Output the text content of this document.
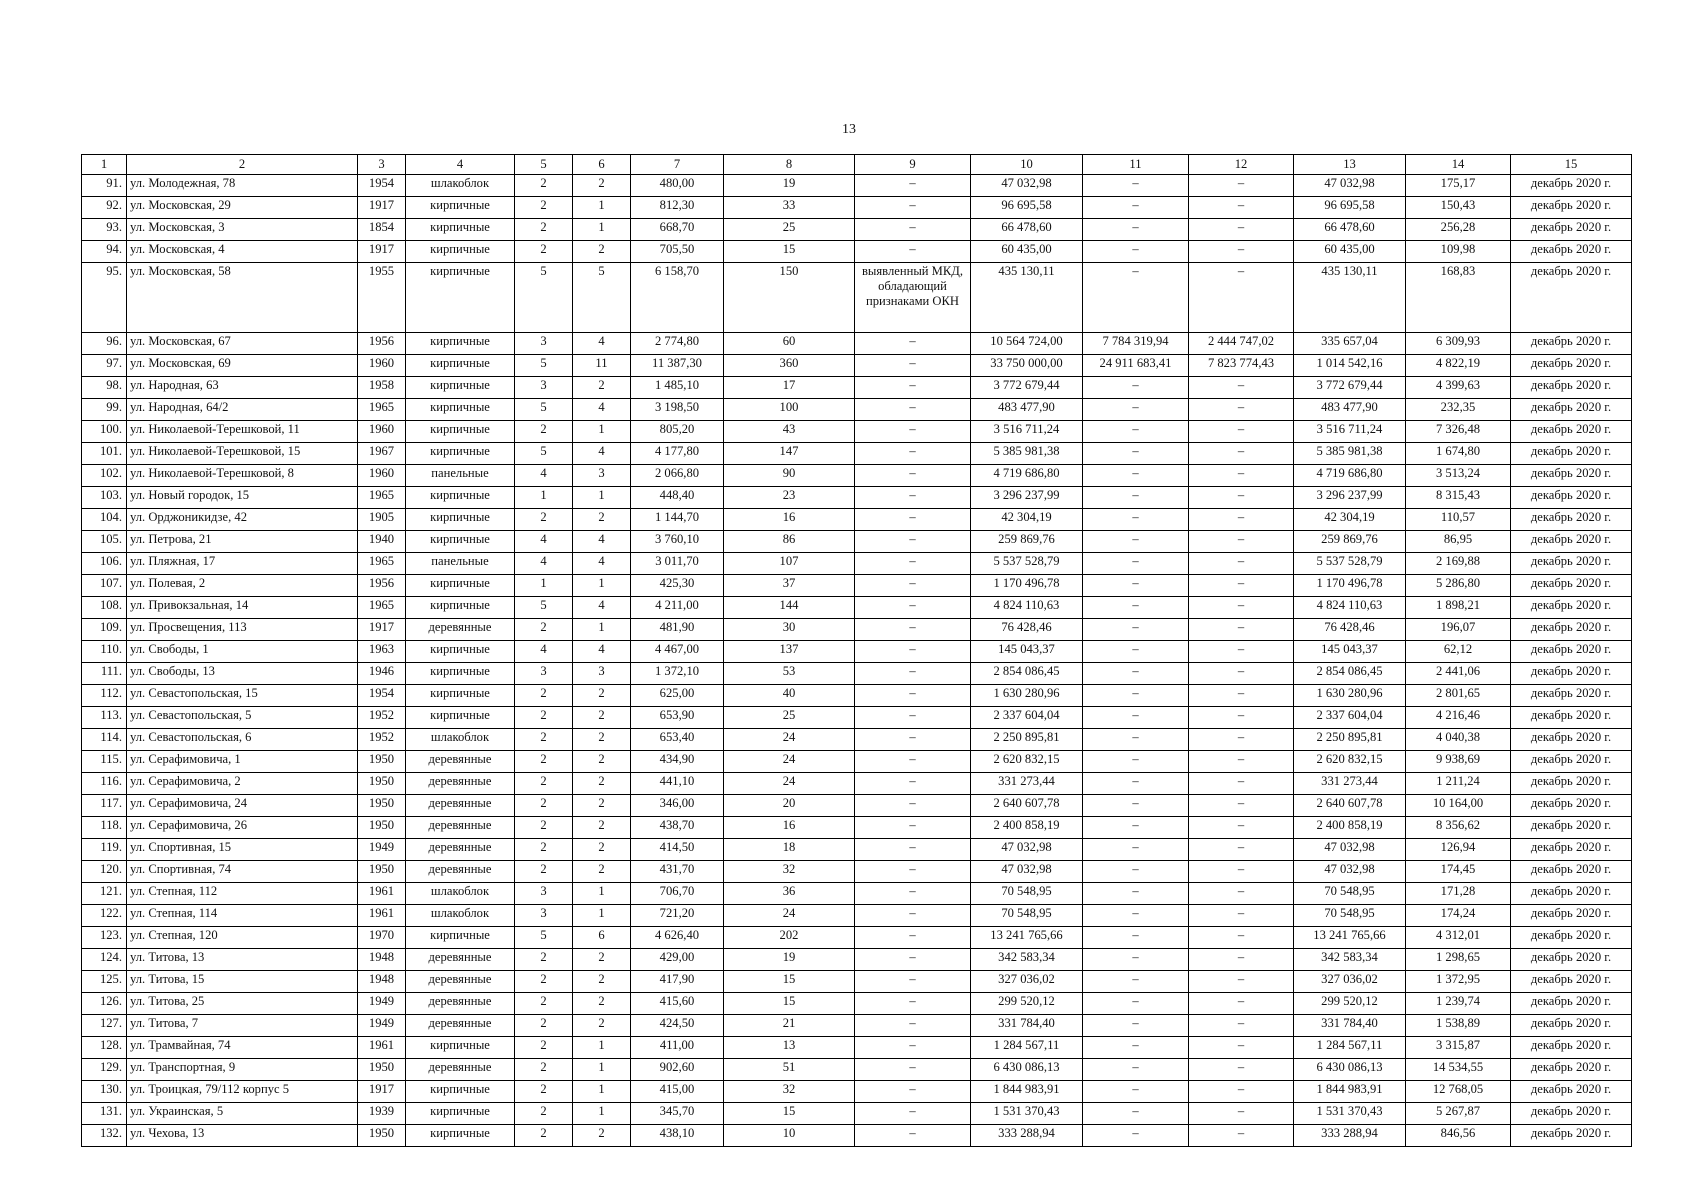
13
1	2	3	4	5	6	7	8	9	10	11	12	13	14	15
91.	ул. Молодежная, 78	1954	шлакоблок	2	2	480,00	19	–	47 032,98	–	–	47 032,98	175,17	декабрь 2020 г.
92.	ул. Московская, 29	1917	кирпичные	2	1	812,30	33	–	96 695,58	–	–	96 695,58	150,43	декабрь 2020 г.
93.	ул. Московская, 3	1854	кирпичные	2	1	668,70	25	–	66 478,60	–	–	66 478,60	256,28	декабрь 2020 г.
94.	ул. Московская, 4	1917	кирпичные	2	2	705,50	15	–	60 435,00	–	–	60 435,00	109,98	декабрь 2020 г.
95.	ул. Московская, 58	1955	кирпичные	5	5	6 158,70	150	выявленный МКД, обладающий признаками ОКН	435 130,11	–	–	435 130,11	168,83	декабрь 2020 г.
96.	ул. Московская, 67	1956	кирпичные	3	4	2 774,80	60	–	10 564 724,00	7 784 319,94	2 444 747,02	335 657,04	6 309,93	декабрь 2020 г.
97.	ул. Московская, 69	1960	кирпичные	5	11	11 387,30	360	–	33 750 000,00	24 911 683,41	7 823 774,43	1 014 542,16	4 822,19	декабрь 2020 г.
98.	ул. Народная, 63	1958	кирпичные	3	2	1 485,10	17	–	3 772 679,44	–	–	3 772 679,44	4 399,63	декабрь 2020 г.
99.	ул. Народная, 64/2	1965	кирпичные	5	4	3 198,50	100	–	483 477,90	–	–	483 477,90	232,35	декабрь 2020 г.
100.	ул. Николаевой-Терешковой, 11	1960	кирпичные	2	1	805,20	43	–	3 516 711,24	–	–	3 516 711,24	7 326,48	декабрь 2020 г.
101.	ул. Николаевой-Терешковой, 15	1967	кирпичные	5	4	4 177,80	147	–	5 385 981,38	–	–	5 385 981,38	1 674,80	декабрь 2020 г.
102.	ул. Николаевой-Терешковой, 8	1960	панельные	4	3	2 066,80	90	–	4 719 686,80	–	–	4 719 686,80	3 513,24	декабрь 2020 г.
103.	ул. Новый городок, 15	1965	кирпичные	1	1	448,40	23	–	3 296 237,99	–	–	3 296 237,99	8 315,43	декабрь 2020 г.
104.	ул. Орджоникидзе, 42	1905	кирпичные	2	2	1 144,70	16	–	42 304,19	–	–	42 304,19	110,57	декабрь 2020 г.
105.	ул. Петрова, 21	1940	кирпичные	4	4	3 760,10	86	–	259 869,76	–	–	259 869,76	86,95	декабрь 2020 г.
106.	ул. Пляжная, 17	1965	панельные	4	4	3 011,70	107	–	5 537 528,79	–	–	5 537 528,79	2 169,88	декабрь 2020 г.
107.	ул. Полевая, 2	1956	кирпичные	1	1	425,30	37	–	1 170 496,78	–	–	1 170 496,78	5 286,80	декабрь 2020 г.
108.	ул. Привокзальная, 14	1965	кирпичные	5	4	4 211,00	144	–	4 824 110,63	–	–	4 824 110,63	1 898,21	декабрь 2020 г.
109.	ул. Просвещения, 113	1917	деревянные	2	1	481,90	30	–	76 428,46	–	–	76 428,46	196,07	декабрь 2020 г.
110.	ул. Свободы, 1	1963	кирпичные	4	4	4 467,00	137	–	145 043,37	–	–	145 043,37	62,12	декабрь 2020 г.
111.	ул. Свободы, 13	1946	кирпичные	3	3	1 372,10	53	–	2 854 086,45	–	–	2 854 086,45	2 441,06	декабрь 2020 г.
112.	ул. Севастопольская, 15	1954	кирпичные	2	2	625,00	40	–	1 630 280,96	–	–	1 630 280,96	2 801,65	декабрь 2020 г.
113.	ул. Севастопольская, 5	1952	кирпичные	2	2	653,90	25	–	2 337 604,04	–	–	2 337 604,04	4 216,46	декабрь 2020 г.
114.	ул. Севастопольская, 6	1952	шлакоблок	2	2	653,40	24	–	2 250 895,81	–	–	2 250 895,81	4 040,38	декабрь 2020 г.
115.	ул. Серафимовича, 1	1950	деревянные	2	2	434,90	24	–	2 620 832,15	–	–	2 620 832,15	9 938,69	декабрь 2020 г.
116.	ул. Серафимовича, 2	1950	деревянные	2	2	441,10	24	–	331 273,44	–	–	331 273,44	1 211,24	декабрь 2020 г.
117.	ул. Серафимовича, 24	1950	деревянные	2	2	346,00	20	–	2 640 607,78	–	–	2 640 607,78	10 164,00	декабрь 2020 г.
118.	ул. Серафимовича, 26	1950	деревянные	2	2	438,70	16	–	2 400 858,19	–	–	2 400 858,19	8 356,62	декабрь 2020 г.
119.	ул. Спортивная, 15	1949	деревянные	2	2	414,50	18	–	47 032,98	–	–	47 032,98	126,94	декабрь 2020 г.
120.	ул. Спортивная, 74	1950	деревянные	2	2	431,70	32	–	47 032,98	–	–	47 032,98	174,45	декабрь 2020 г.
121.	ул. Степная, 112	1961	шлакоблок	3	1	706,70	36	–	70 548,95	–	–	70 548,95	171,28	декабрь 2020 г.
122.	ул. Степная, 114	1961	шлакоблок	3	1	721,20	24	–	70 548,95	–	–	70 548,95	174,24	декабрь 2020 г.
123.	ул. Степная, 120	1970	кирпичные	5	6	4 626,40	202	–	13 241 765,66	–	–	13 241 765,66	4 312,01	декабрь 2020 г.
124.	ул. Титова, 13	1948	деревянные	2	2	429,00	19	–	342 583,34	–	–	342 583,34	1 298,65	декабрь 2020 г.
125.	ул. Титова, 15	1948	деревянные	2	2	417,90	15	–	327 036,02	–	–	327 036,02	1 372,95	декабрь 2020 г.
126.	ул. Титова, 25	1949	деревянные	2	2	415,60	15	–	299 520,12	–	–	299 520,12	1 239,74	декабрь 2020 г.
127.	ул. Титова, 7	1949	деревянные	2	2	424,50	21	–	331 784,40	–	–	331 784,40	1 538,89	декабрь 2020 г.
128.	ул. Трамвайная, 74	1961	кирпичные	2	1	411,00	13	–	1 284 567,11	–	–	1 284 567,11	3 315,87	декабрь 2020 г.
129.	ул. Транспортная, 9	1950	деревянные	2	1	902,60	51	–	6 430 086,13	–	–	6 430 086,13	14 534,55	декабрь 2020 г.
130.	ул. Троицкая, 79/112 корпус 5	1917	кирпичные	2	1	415,00	32	–	1 844 983,91	–	–	1 844 983,91	12 768,05	декабрь 2020 г.
131.	ул. Украинская, 5	1939	кирпичные	2	1	345,70	15	–	1 531 370,43	–	–	1 531 370,43	5 267,87	декабрь 2020 г.
132.	ул. Чехова, 13	1950	кирпичные	2	2	438,10	10	–	333 288,94	–	–	333 288,94	846,56	декабрь 2020 г.
